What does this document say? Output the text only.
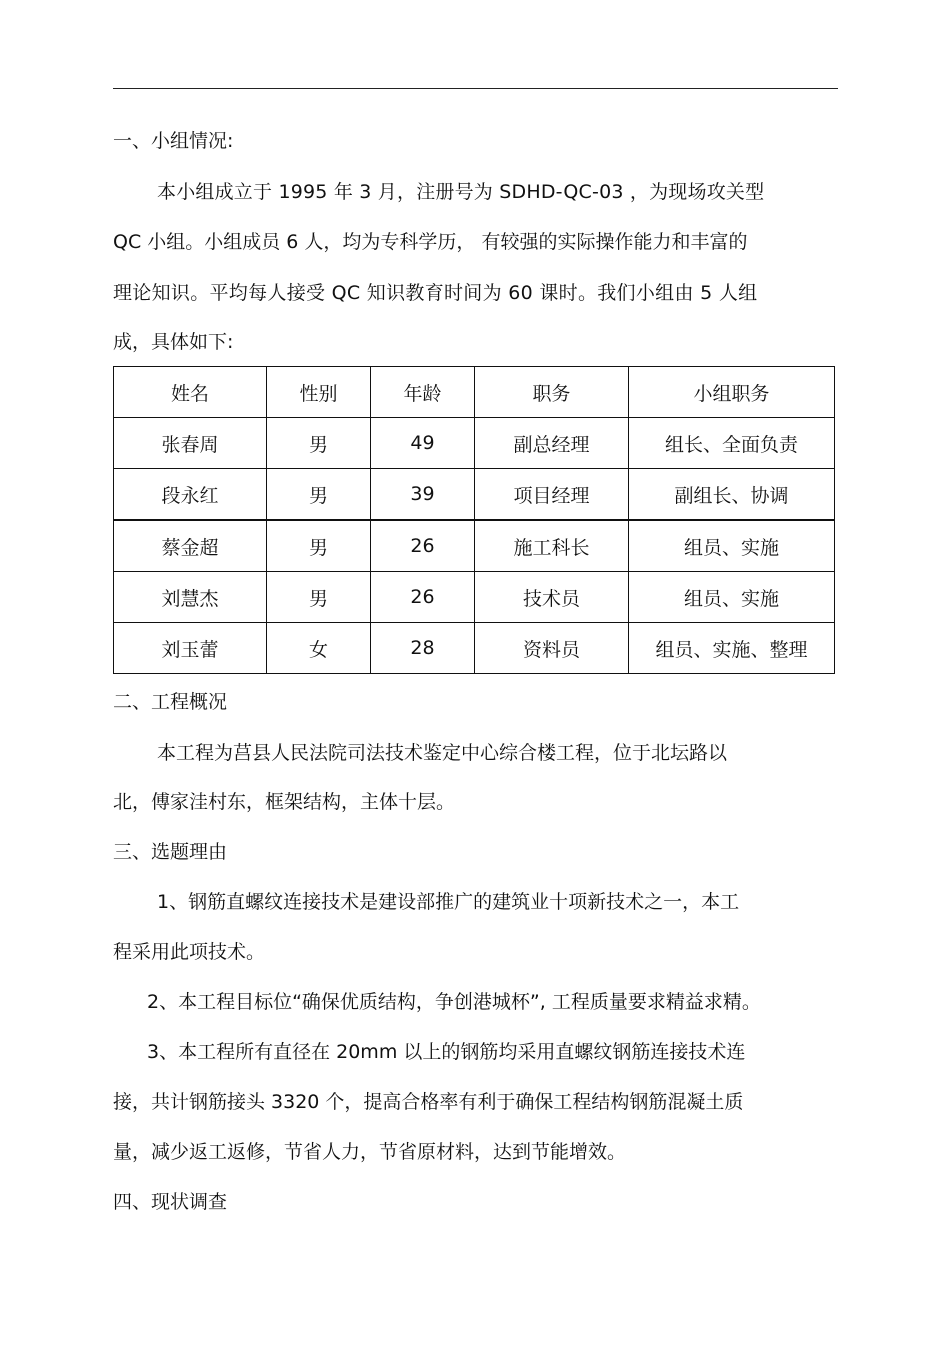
一、小组情况:
本小组成立于 1995 年 3 月，注册号为 SDHD-QC-03 ，为现场攻关型
QC 小组。小组成员 6 人，均为专科学历， 有较强的实际操作能力和丰富的
理论知识。平均每人接受 QC 知识教育时间为 60 课时。我们小组由 5 人组
成，具体如下:
姓名	性别	年龄	职务	小组职务
张春周	男	49	副总经理	组长、全面负责
段永红	男	39	项目经理	副组长、协调
蔡金超	男	26	施工科长	组员、实施
刘慧杰	男	26	技术员	组员、实施
刘玉蕾	女	28	资料员	组员、实施、整理
二、工程概况
本工程为莒县人民法院司法技术鉴定中心综合楼工程，位于北坛路以
北，傅家洼村东，框架结构，主体十层。
三、选题理由
1、钢筋直螺纹连接技术是建设部推广的建筑业十项新技术之一，本工
程采用此项技术。
2、本工程目标位“确保优质结构，争创港城杯”, 工程质量要求精益求精。
3、本工程所有直径在 20mm 以上的钢筋均采用直螺纹钢筋连接技术连
接，共计钢筋接头 3320 个，提高合格率有利于确保工程结构钢筋混凝土质
量，减少返工返修，节省人力，节省原材料，达到节能增效。
四、现状调查
